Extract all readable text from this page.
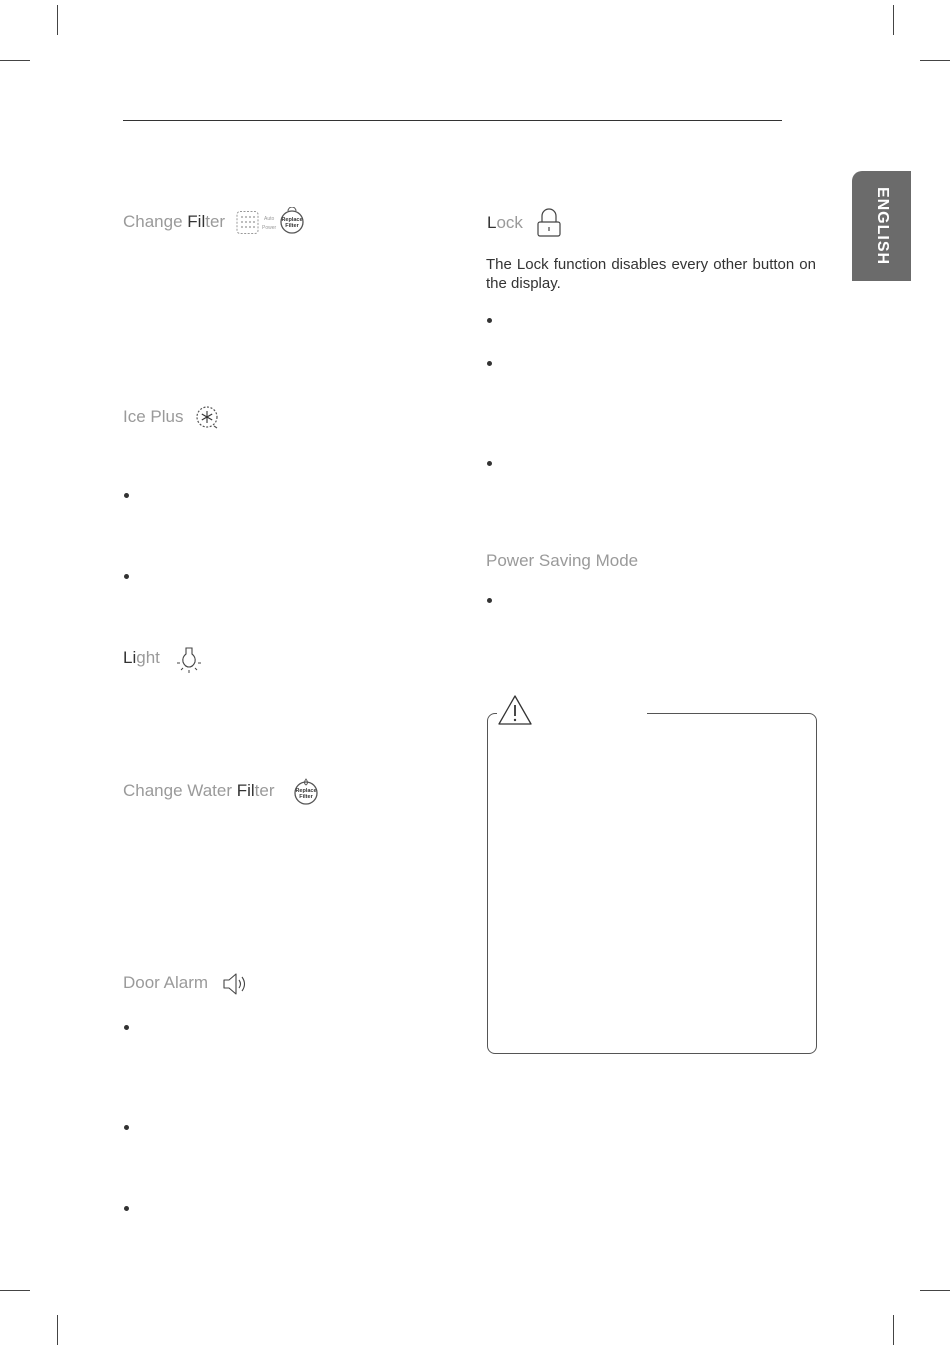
ENGLISH
Change Filter	Auto
Power
Replace
Filter
Ice Plus
Light
Change Water Filter	Replace
Filter
Door Alarm
Lock
The Lock function disables every other button on the display.
Power Saving Mode
